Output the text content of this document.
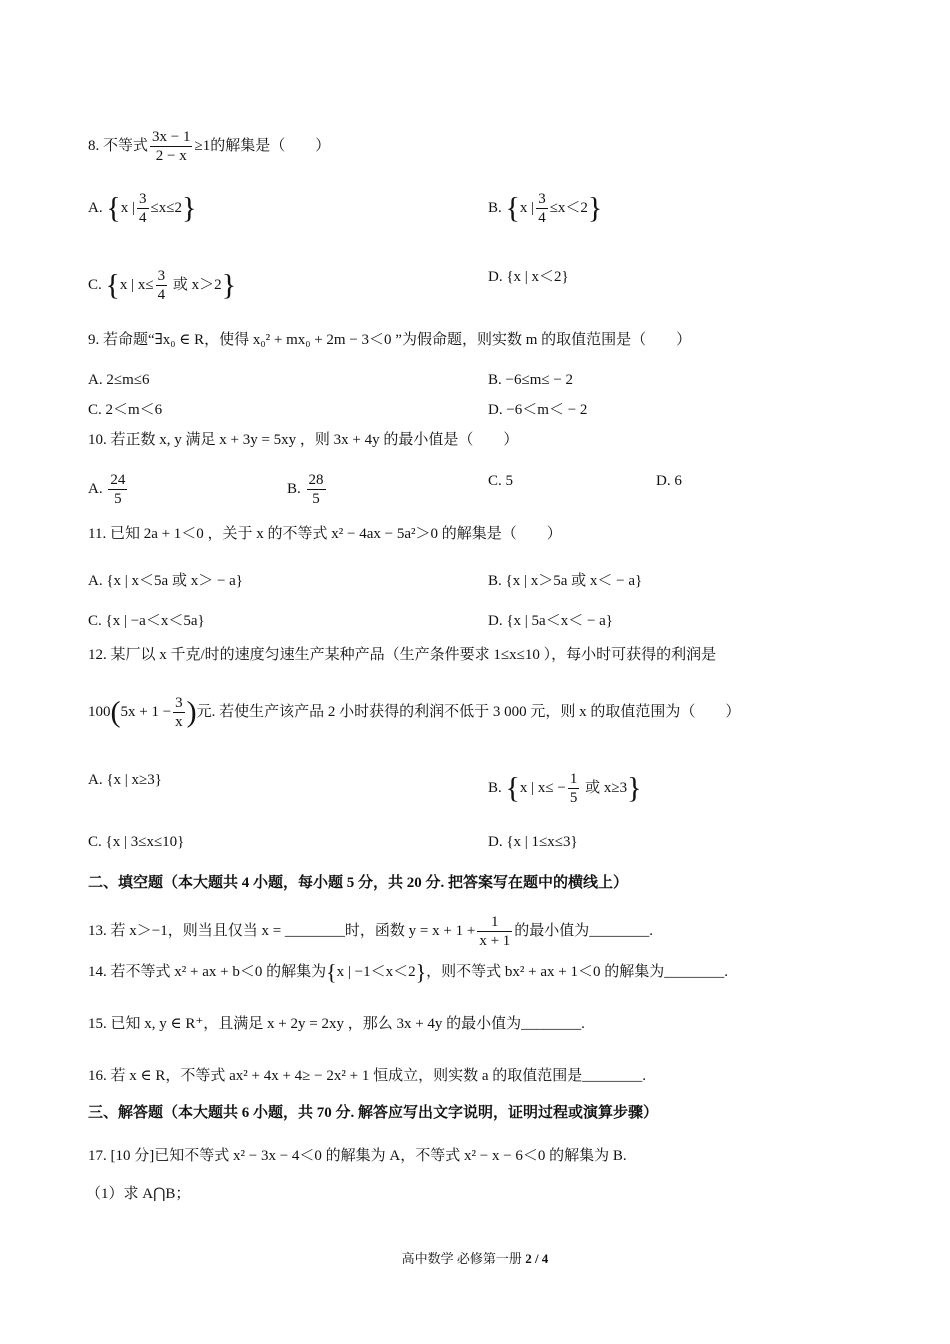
8. 不等式 $\frac{3x - 1}{2 - x} \ge 1$的解集是（　　）
A. {x | $\frac{3}{4} \le x\le 2$}	B. {x | $\frac{3}{4} \le x<2$}
C. {x | $x\le \frac{3}{4}$ 或 x＞2}	D. {x | x＜2}
9. 若命题“∃x₀ ∈ R，使得 x₀² + mx₀ + 2m − 3＜0 ”为假命题，则实数 m 的取值范围是（　　）
A. 2≤m≤6	B. −6≤m≤ − 2
C. 2＜m＜6	D. −6＜m＜ − 2
10. 若正数 x, y 满足 x + 3y = 5xy ，则 3x + 4y 的最小值是（　　）
A. $\frac{24}{5}$	B. $\frac{28}{5}$	C. 5	D. 6
11. 已知 2a + 1＜0 ，关于 x 的不等式 x² − 4ax − 5a²＞0 的解集是（　　）
A. {x | x＜5a 或 x＞ − a}	B. {x | x＞5a 或 x＜ − a}
C. {x | −a＜x＜5a}	D. {x | 5a＜x＜ − a}
12. 某厂以 x 千克/时的速度匀速生产某种产品（生产条件要求 1≤x≤10 ），每小时可获得的利润是
$100(5x + 1 - \frac{3}{x}$ )元. 若使生产该产品 2 小时获得的利润不低于 3 000 元，则 x 的取值范围为（　　）
A. {x | x≥3}	B. {x | $x\le - \frac{1}{5}$ 或 x≥3}
C. {x | 3≤x≤10}	D. {x | 1≤x≤3}
二、填空题（本大题共 4 小题，每小题 5 分，共 20 分. 把答案写在题中的横线上）
13. 若 x＞−1，则当且仅当 x = ________时，函数 $y = x + 1 + \frac{1}{x + 1}$ 的最小值为________.
14. 若不等式 x² + ax + b＜0 的解集为{x | −1＜x＜2}，则不等式 bx² + ax + 1＜0 的解集为________.
15. 已知 x, y ∈ R⁺，且满足 x + 2y = 2xy ，那么 3x + 4y 的最小值为________.
16. 若 x ∈ R，不等式 ax² + 4x + 4≥ − 2x² + 1 恒成立，则实数 a 的取值范围是________.
三、解答题（本大题共 6 小题，共 70 分. 解答应写出文字说明，证明过程或演算步骤）
17. [10 分]已知不等式 x² − 3x − 4＜0 的解集为 A，不等式 x² − x − 6＜0 的解集为 B.
（1）求 A⋂B；
高中数学 必修第一册 2 / 4
